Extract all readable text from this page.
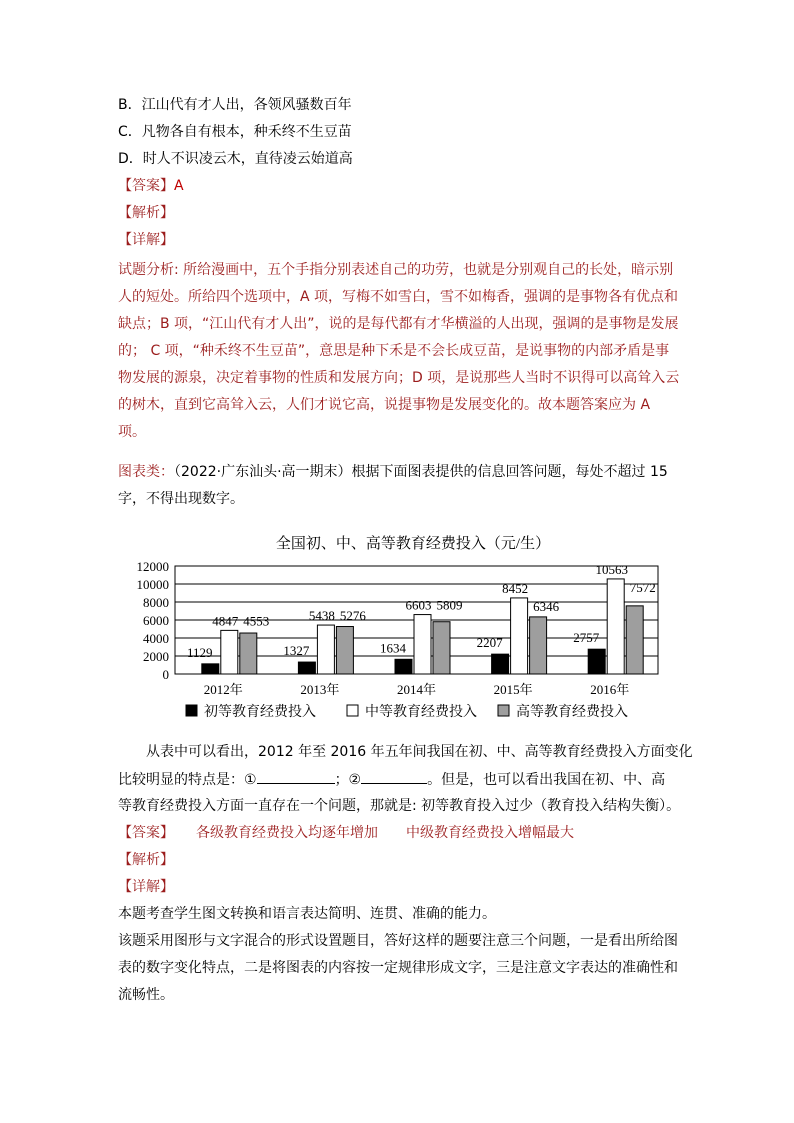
B．江山代有才人出，各领风骚数百年
C．凡物各自有根本，种禾终不生豆苗
D．时人不识凌云木，直待凌云始道高
【答案】A
【解析】
【详解】
试题分析: 所给漫画中，五个手指分别表述自己的功劳，也就是分别观自己的长处，暗示别
人的短处。所给四个选项中，A 项，写梅不如雪白，雪不如梅香，强调的是事物各有优点和
缺点；B 项，“江山代有才人出”，说的是每代都有才华横溢的人出现，强调的是事物是发展
的； C 项，“种禾终不生豆苗”，意思是种下禾是不会长成豆苗，是说事物的内部矛盾是事
物发展的源泉，决定着事物的性质和发展方向；D 项，是说那些人当时不识得可以高耸入云
的树木，直到它高耸入云，人们才说它高，说提事物是发展变化的。故本题答案应为 A 项。
图表类：（2022·广东汕头·高一期末）根据下面图表提供的信息回答问题，每处不超过 15
字，不得出现数字。
全国初、中、高等教育经费投入（元/生）
0
2000
4000
6000
8000
10000
12000
1129
4847 4553
2012年
1327
5438 5276
2013年
1634
6603 5809
2014年
2207
8452
6346
2015年
2757
10563
7572
2016年
初等教育经费投入	中等教育经费投入	高等教育经费投入
从表中可以看出，2012 年至 2016 年五年间我国在初、中、高等教育经费投入方面变化
比较明显的特点是：①	；②	。但是，也可以看出我国在初、中、高
等教育经费投入方面一直存在一个问题，那就是: 初等教育投入过少（教育投入结构失衡）。
【答案】 各级教育经费投入均逐年增加 中级教育经费投入增幅最大
【解析】
【详解】
本题考查学生图文转换和语言表达简明、连贯、准确的能力。
该题采用图形与文字混合的形式设置题目，答好这样的题要注意三个问题，一是看出所给图
表的数字变化特点，二是将图表的内容按一定规律形成文字，三是注意文字表达的准确性和
流畅性。
